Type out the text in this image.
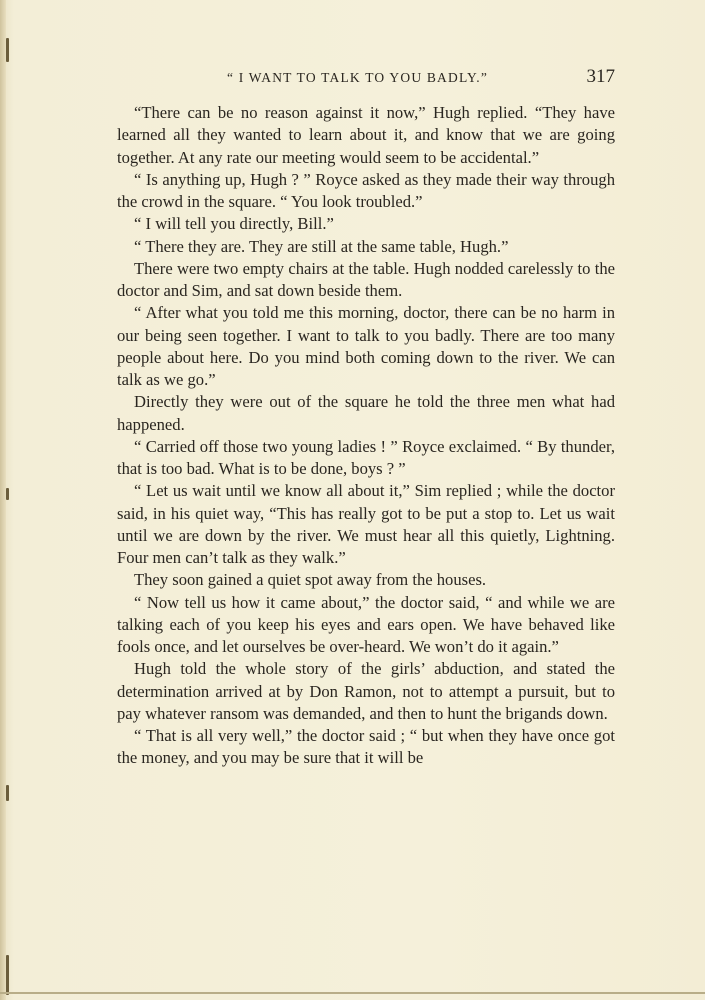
“ I WANT TO TALK TO YOU BADLY.”	317

“There can be no reason against it now,” Hugh replied. “They have learned all they wanted to learn about it, and know that we are going together. At any rate our meeting would seem to be accidental.”

“ Is anything up, Hugh ? ” Royce asked as they made their way through the crowd in the square. “ You look troubled.”

“ I will tell you directly, Bill.”

“ There they are. They are still at the same table, Hugh.”

There were two empty chairs at the table. Hugh nodded carelessly to the doctor and Sim, and sat down beside them.

“ After what you told me this morning, doctor, there can be no harm in our being seen together. I want to talk to you badly. There are too many people about here. Do you mind both coming down to the river. We can talk as we go.”

Directly they were out of the square he told the three men what had happened.

“ Carried off those two young ladies ! ” Royce exclaimed. “ By thunder, that is too bad. What is to be done, boys ? ”

“ Let us wait until we know all about it,” Sim replied ; while the doctor said, in his quiet way, “This has really got to be put a stop to. Let us wait until we are down by the river. We must hear all this quietly, Lightning. Four men can’t talk as they walk.”

They soon gained a quiet spot away from the houses.

“ Now tell us how it came about,” the doctor said, “ and while we are talking each of you keep his eyes and ears open. We have behaved like fools once, and let ourselves be over-heard. We won’t do it again.”

Hugh told the whole story of the girls’ abduction, and stated the determination arrived at by Don Ramon, not to attempt a pursuit, but to pay whatever ransom was demanded, and then to hunt the brigands down.

“ That is all very well,” the doctor said ; “ but when they have once got the money, and you may be sure that it will be
